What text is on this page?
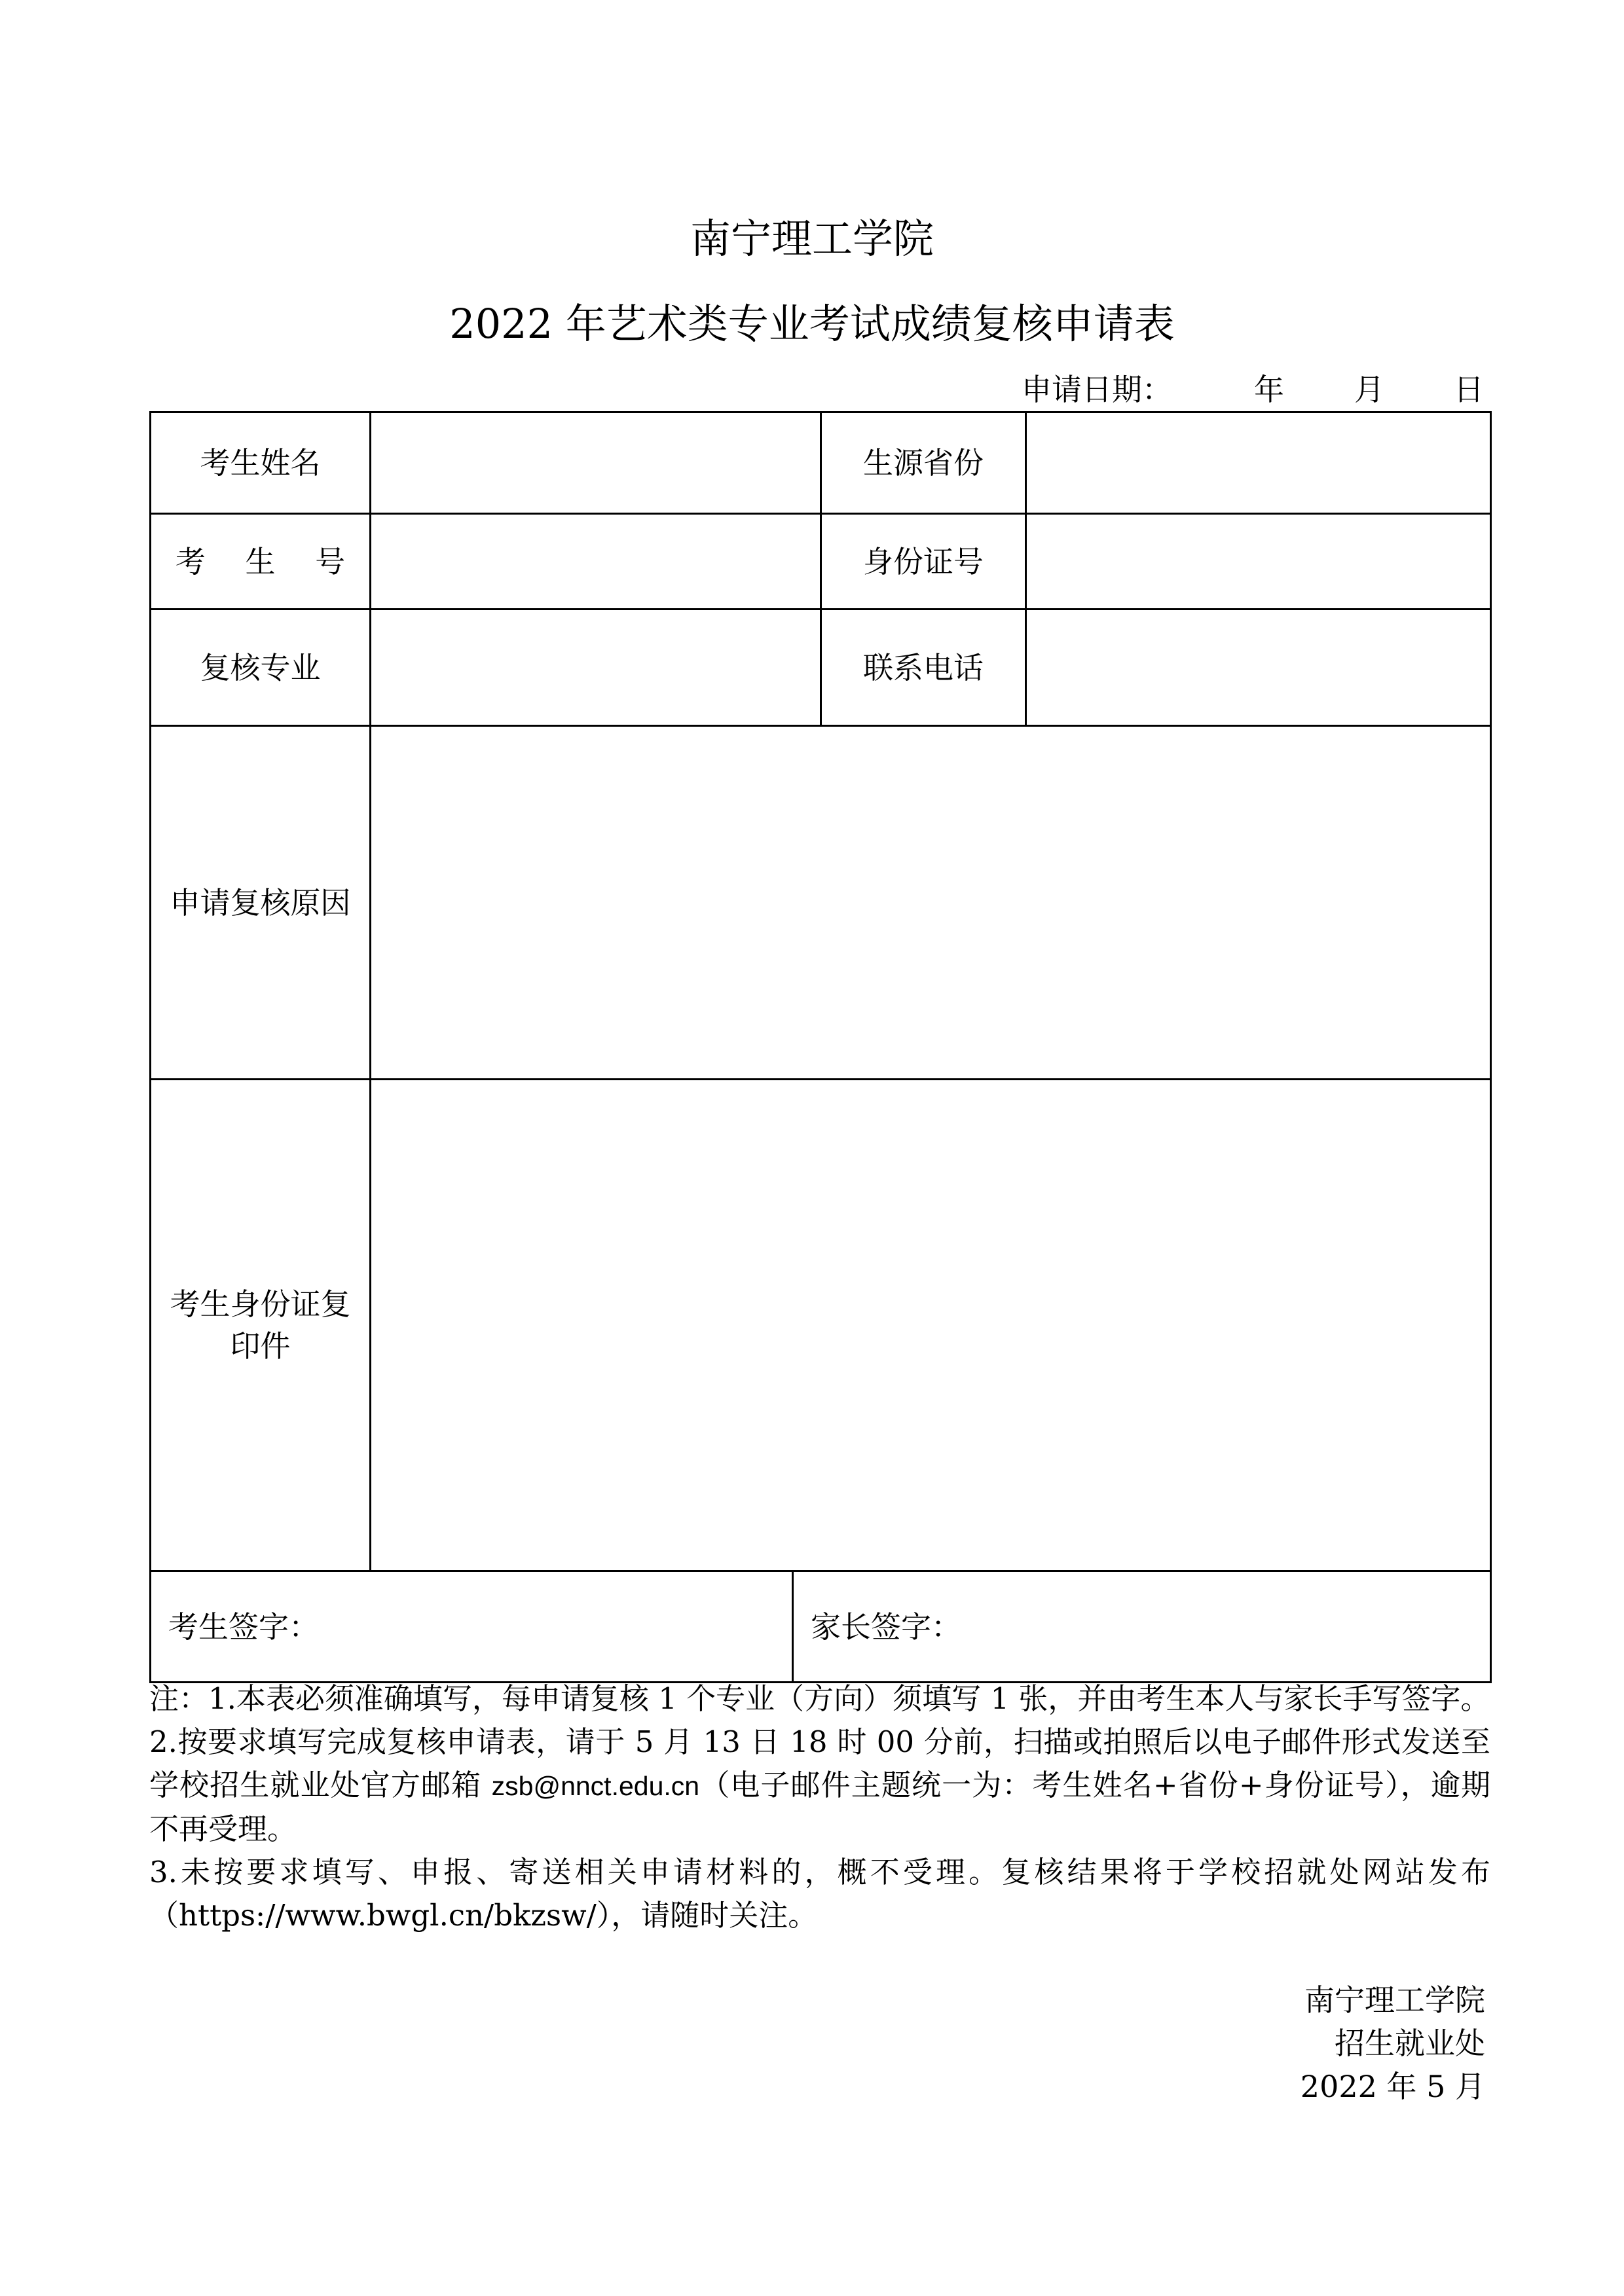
南宁理工学院
2022 年艺术类专业考试成绩复核申请表
申请日期：	年 月 日
考生姓名	生源省份
考 生 号	身份证号
复核专业	联系电话
申请复核原因
考生身份证复印件
考生签字：	家长签字：

注：1.本表必须准确填写，每申请复核 1 个专业（方向）须填写 1 张，并由考生本人与家长手写签字。

2.按要求填写完成复核申请表，请于 5 月 13 日 18 时 00 分前，扫描或拍照后以电子邮件形式发送至学校招生就业处官方邮箱 zsb@nnct.edu.cn（电子邮件主题统一为：考生姓名+省份+身份证号），逾期不再受理。

3.未按要求填写、申报、寄送相关申请材料的，概不受理。复核结果将于学校招就处网站发布（https://www.bwgl.cn/bkzsw/），请随时关注。

南宁理工学院
招生就业处
2022 年 5 月
